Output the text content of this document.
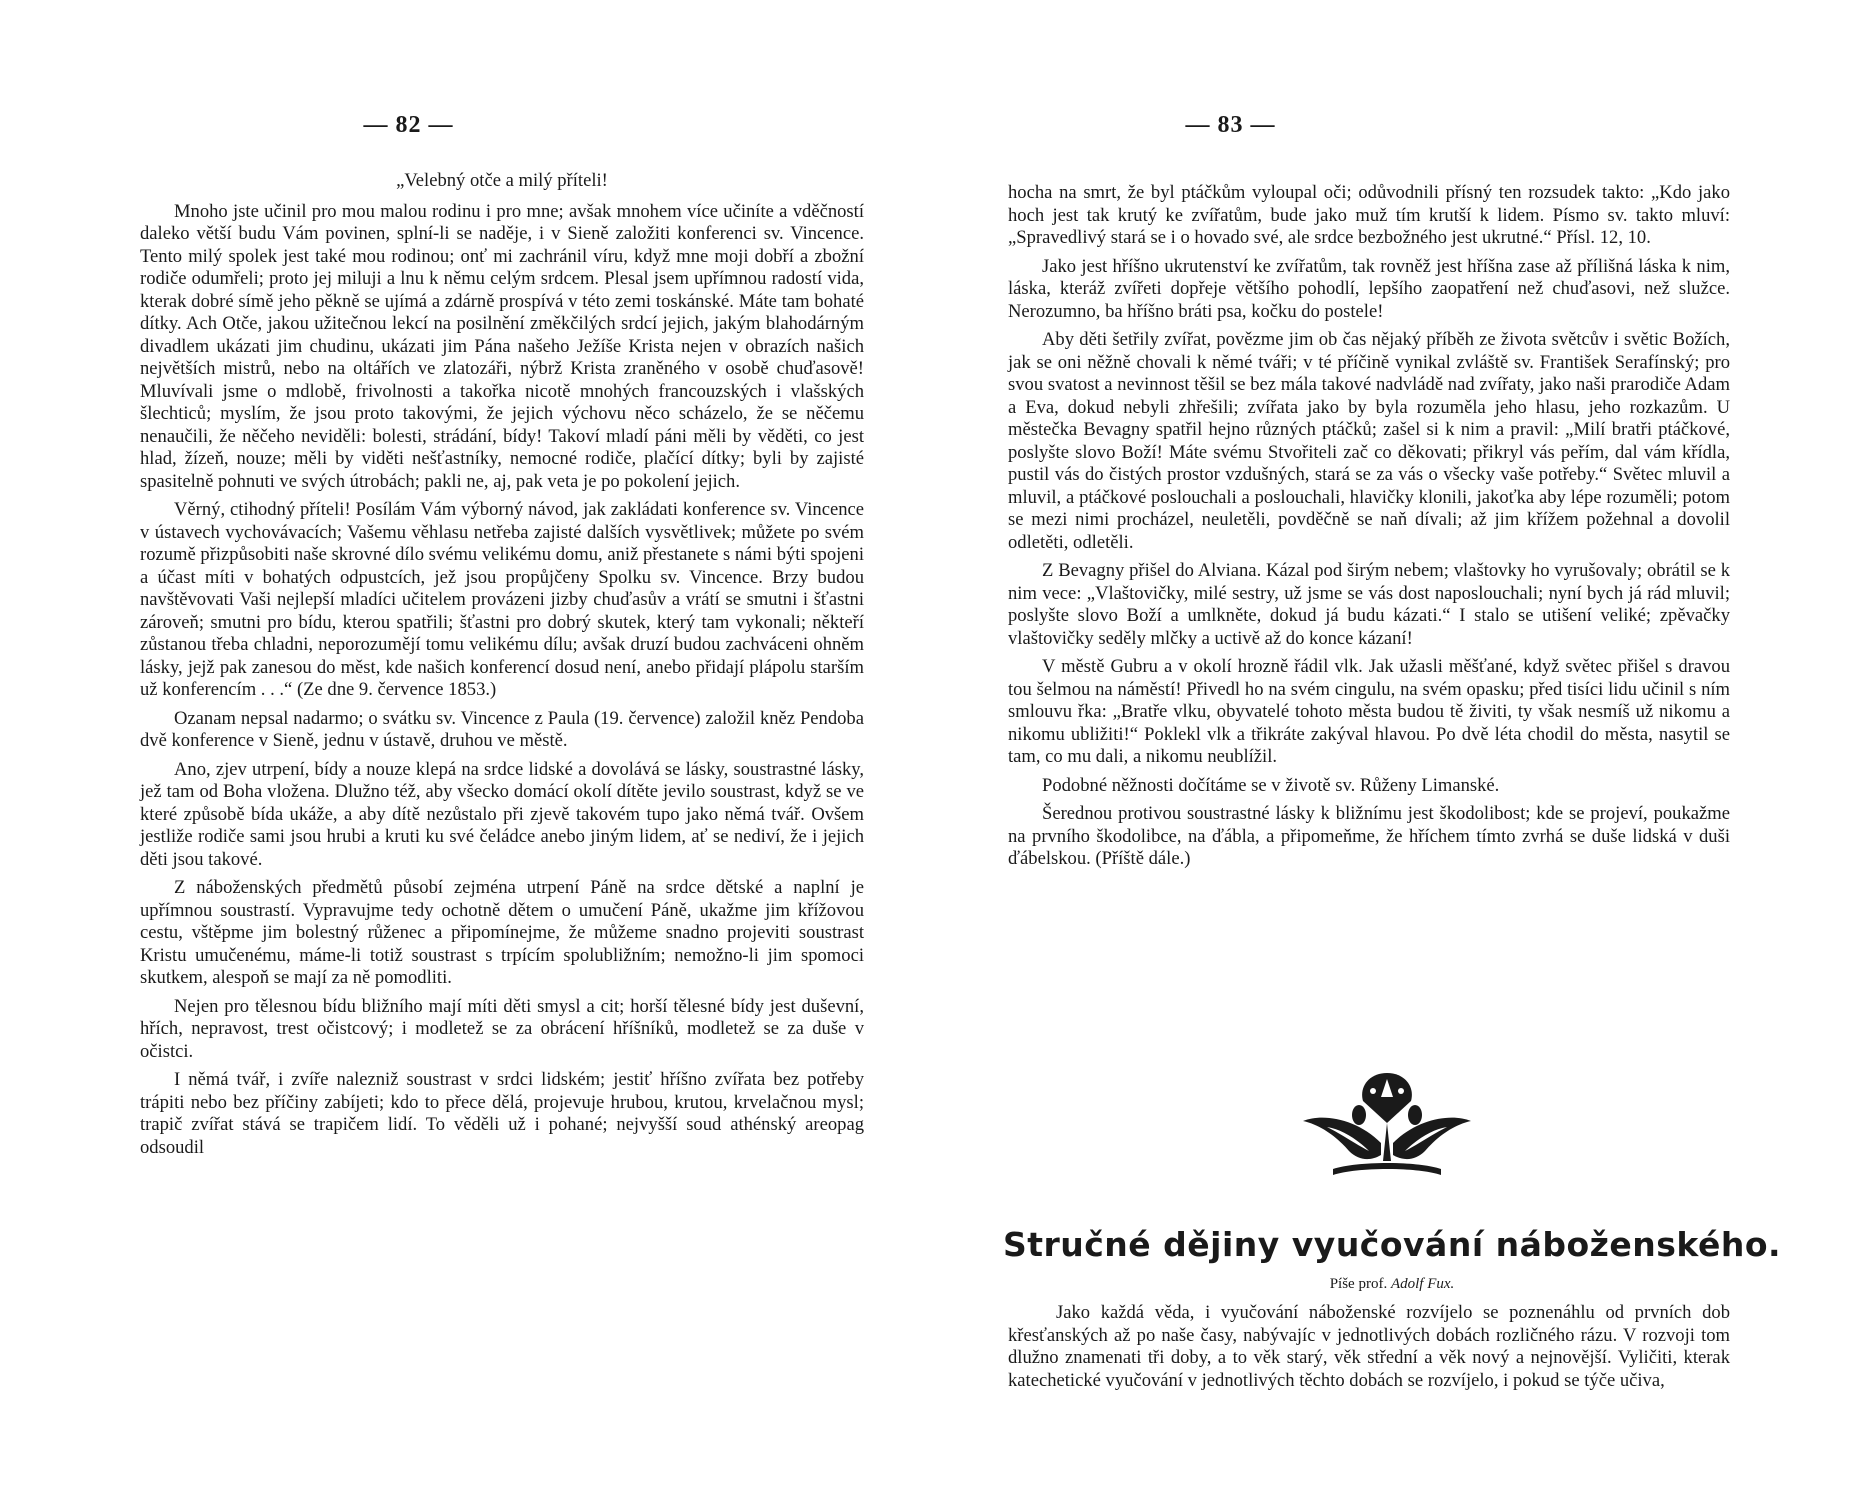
— 82 —

„Velebný otče a milý příteli!

Mnoho jste učinil pro mou malou rodinu i pro mne; avšak mnohem více učiníte a vděčností daleko větší budu Vám povinen, splní-li se naděje, i v Sieně založiti konferenci sv. Vincence. Tento milý spolek jest také mou rodinou; onť mi zachránil víru, když mne moji dobří a zbožní rodiče odumřeli; proto jej miluji a lnu k němu celým srdcem. Plesal jsem upřímnou radostí vida, kterak dobré símě jeho pěkně se ujímá a zdárně prospívá v této zemi toskánské. Máte tam bohaté dítky. Ach Otče, jakou užitečnou lekcí na posilnění změkčilých srdcí jejich, jakým blahodárným divadlem ukázati jim chudinu, ukázati jim Pána našeho Ježíše Krista nejen v obrazích našich největších mistrů, nebo na oltářích ve zlatozáři, nýbrž Krista zraněného v osobě chuďasově! Mluvívali jsme o mdlobě, frivolnosti a takořka nicotě mnohých francouzských i vlašských šlechticů; myslím, že jsou proto takovými, že jejich výchovu něco scházelo, že se něčemu nenaučili, že něčeho neviděli: bolesti, strádání, bídy! Takoví mladí páni měli by věděti, co jest hlad, žízeň, nouze; měli by viděti nešťastníky, nemocné rodiče, plačící dítky; byli by zajisté spasitelně pohnuti ve svých útrobách; pakli ne, aj, pak veta je po pokolení jejich.

Věrný, ctihodný příteli! Posílám Vám výborný návod, jak zakládati konference sv. Vincence v ústavech vychovávacích; Vašemu věhlasu netřeba zajisté dalších vysvětlivek; můžete po svém rozumě přizpůsobiti naše skrovné dílo svému velikému domu, aniž přestanete s námi býti spojeni a účast míti v bohatých odpustcích, jež jsou propůjčeny Spolku sv. Vincence. Brzy budou navštěvovati Vaši nejlepší mladíci učitelem provázeni jizby chuďasův a vrátí se smutni i šťastni zároveň; smutni pro bídu, kterou spatřili; šťastni pro dobrý skutek, který tam vykonali; někteří zůstanou třeba chladni, neporozumějí tomu velikému dílu; avšak druzí budou zachváceni ohněm lásky, jejž pak zanesou do měst, kde našich konferencí dosud není, anebo přidají plápolu starším už konferencím . . .“ (Ze dne 9. července 1853.)

Ozanam nepsal nadarmo; o svátku sv. Vincence z Paula (19. července) založil kněz Pendoba dvě konference v Sieně, jednu v ústavě, druhou ve městě.

Ano, zjev utrpení, bídy a nouze klepá na srdce lidské a dovolává se lásky, soustrastné lásky, jež tam od Boha vložena. Dlužno též, aby všecko domácí okolí dítěte jevilo soustrast, když se ve které způsobě bída ukáže, a aby dítě nezůstalo při zjevě takovém tupo jako němá tvář. Ovšem jestliže rodiče sami jsou hrubi a kruti ku své čeládce anebo jiným lidem, ať se nediví, že i jejich děti jsou takové.

Z náboženských předmětů působí zejména utrpení Páně na srdce dětské a naplní je upřímnou soustrastí. Vypravujme tedy ochotně dětem o umučení Páně, ukažme jim křížovou cestu, vštěpme jim bolestný růženec a připomínejme, že můžeme snadno projeviti soustrast Kristu umučenému, máme-li totiž soustrast s trpícím spolubližním; nemožno-li jim spomoci skutkem, alespoň se mají za ně pomodliti.

Nejen pro tělesnou bídu bližního mají míti děti smysl a cit; horší tělesné bídy jest duševní, hřích, nepravost, trest očistcový; i modletež se za obrácení hříšníků, modletež se za duše v očistci.

I němá tvář, i zvíře nalezniž soustrast v srdci lidském; jestiť hříšno zvířata bez potřeby trápiti nebo bez příčiny zabíjeti; kdo to přece dělá, projevuje hrubou, krutou, krvelačnou mysl; trapič zvířat stává se trapičem lidí. To věděli už i pohané; nejvyšší soud athénský areopag odsoudil

— 83 —

hocha na smrt, že byl ptáčkům vyloupal oči; odůvodnili přísný ten rozsudek takto: „Kdo jako hoch jest tak krutý ke zvířatům, bude jako muž tím krutší k lidem. Písmo sv. takto mluví: „Spravedlivý stará se i o hovado své, ale srdce bezbožného jest ukrutné.“ Přísl. 12, 10.

Jako jest hříšno ukrutenství ke zvířatům, tak rovněž jest hříšna zase až přílišná láska k nim, láska, kteráž zvířeti dopřeje většího pohodlí, lepšího zaopatření než chuďasovi, než služce. Nerozumno, ba hříšno bráti psa, kočku do postele!

Aby děti šetřily zvířat, povězme jim ob čas nějaký příběh ze života světcův i světic Božích, jak se oni něžně chovali k němé tváři; v té příčině vynikal zvláště sv. František Serafínský; pro svou svatost a nevinnost těšil se bez mála takové nadvládě nad zvířaty, jako naši prarodiče Adam a Eva, dokud nebyli zhřešili; zvířata jako by byla rozuměla jeho hlasu, jeho rozkazům. U městečka Bevagny spatřil hejno různých ptáčků; zašel si k nim a pravil: „Milí bratři ptáčkové, poslyšte slovo Boží! Máte svému Stvořiteli zač co děkovati; přikryl vás peřím, dal vám křídla, pustil vás do čistých prostor vzdušných, stará se za vás o všecky vaše potřeby.“ Světec mluvil a mluvil, a ptáčkové poslouchali a poslouchali, hlavičky klonili, jakoťka aby lépe rozuměli; potom se mezi nimi procházel, neuletěli, povděčně se naň dívali; až jim křížem požehnal a dovolil odletěti, odletěli.

Z Bevagny přišel do Alviana. Kázal pod širým nebem; vlaštovky ho vyrušovaly; obrátil se k nim vece: „Vlaštovičky, milé sestry, už jsme se vás dost naposlouchali; nyní bych já rád mluvil; poslyšte slovo Boží a umlkněte, dokud já budu kázati.“ I stalo se utišení veliké; zpěvačky vlaštovičky seděly mlčky a uctivě až do konce kázaní!

V městě Gubru a v okolí hrozně řádil vlk. Jak užasli měšťané, když světec přišel s dravou tou šelmou na náměstí! Přivedl ho na svém cingulu, na svém opasku; před tisíci lidu učinil s ním smlouvu řka: „Bratře vlku, obyvatelé tohoto města budou tě živiti, ty však nesmíš už nikomu a nikomu ubližiti!“ Poklekl vlk a třikráte zakýval hlavou. Po dvě léta chodil do města, nasytil se tam, co mu dali, a nikomu neublížil.

Podobné něžnosti dočítáme se v životě sv. Růženy Limanské.

Šerednou protivou soustrastné lásky k bližnímu jest škodolibost; kde se projeví, poukažme na prvního škodolibce, na ďábla, a připomeňme, že hříchem tímto zvrhá se duše lidská v duši ďábelskou. (Příště dále.)

Stručné dějiny vyučování náboženského.
Píše prof. Adolf Fux.

Jako každá věda, i vyučování náboženské rozvíjelo se poznenáhlu od prvních dob křesťanských až po naše časy, nabývajíc v jednotlivých dobách rozličného rázu. V rozvoji tom dlužno znamenati tři doby, a to věk starý, věk střední a věk nový a nejnovější. Vyličiti, kterak katechetické vyučování v jednotlivých těchto dobách se rozvíjelo, i pokud se týče učiva,
